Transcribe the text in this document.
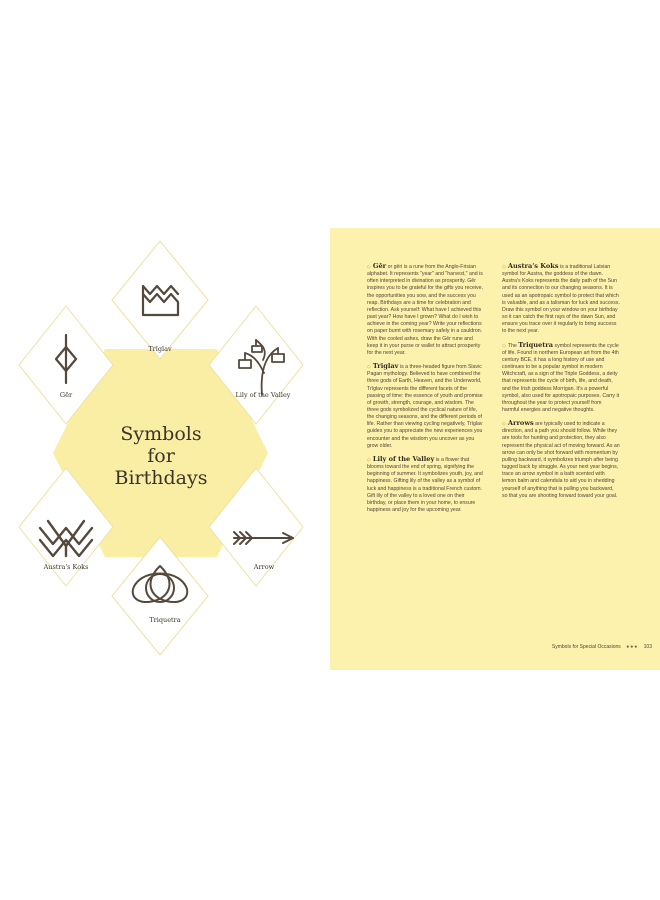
Symbols for
Birthdays
Trīglav
Gēr	Lily of the Valley
Austra's Koks	Arrow
Triquetra

◇ Gēr or gēri is a rune from the Anglo-Frisian alphabet. It represents "year" and "harvest," and is often interpreted in divination as prosperity. Gēr inspires you to be grateful for the gifts you receive, the opportunities you sow, and the success you reap. Birthdays are a time for celebration and reflection. Ask yourself: What have I achieved this past year? How have I grown? What do I wish to achieve in the coming year? Write your reflections on paper burnt with rosemary safely in a cauldron. With the cooled ashes, draw the Gēr rune and keep it in your purse or wallet to attract prosperity for the next year.

◇ Trīglav is a three-headed figure from Slavic Pagan mythology. Believed to have combined the three gods of Earth, Heaven, and the Underworld, Trīglav represents the different facets of the passing of time: the essence of youth and promise of growth, strength, courage, and wisdom. The three gods symbolized the cyclical nature of life, the changing seasons, and the different periods of life. Rather than viewing cycling negatively, Trīglav guides you to appreciate the new experiences you encounter and the wisdom you uncover as you grow older.

◇ Lily of the Valley is a flower that blooms toward the end of spring, signifying the beginning of summer. It symbolizes youth, joy, and happiness. Gifting lily of the valley as a symbol of luck and happiness is a traditional French custom. Gift lily of the valley to a loved one on their birthday, or place them in your home, to ensure happiness and joy for the upcoming year.

◇ Austra's Koks is a traditional Latvian symbol for Austra, the goddess of the dawn. Austra's Koks represents the daily path of the Sun and its connection to our changing seasons. It is used as an apotropaic symbol to protect that which is valuable, and as a talisman for luck and success. Draw this symbol on your window on your birthday so it can catch the first rays of the dawn Sun, and ensure you trace over it regularly to bring success to the next year.

◇ The Triquetra symbol represents the cycle of life. Found in northern European art from the 4th century BCE, it has a long history of use and continues to be a popular symbol in modern Witchcraft, as a sign of the Triple Goddess, a deity that represents the cycle of birth, life, and death, and the Irish goddess Morrigan. It's a powerful symbol, also used for apotropaic purposes. Carry it throughout the year to protect yourself from harmful energies and negative thoughts.

◇ Arrows are typically used to indicate a direction, and a path you should follow. While they are tools for hunting and protection, they also represent the physical act of moving forward. As an arrow can only be shot forward with momentum by pulling backward, it symbolizes triumph after being tugged back by struggle. As your next year begins, trace an arrow symbol in a bath scented with lemon balm and calendula to aid you in shedding yourself of anything that is pulling you backward, so that you are shooting forward toward your goal.

Symbols for Special Occasions ●●● 103
